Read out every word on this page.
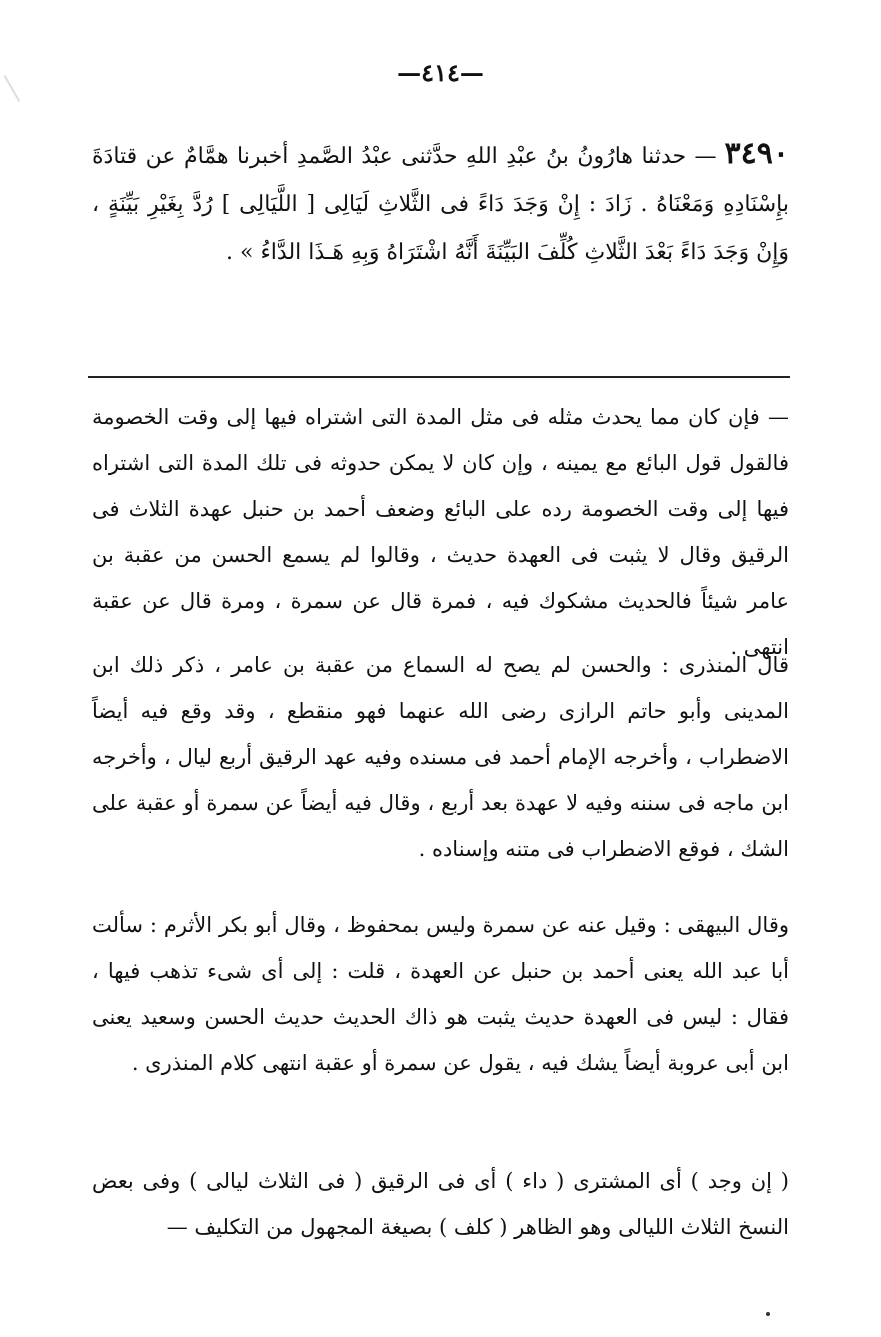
—٤١٤—

٣٤٩٠— حدثنا هارُونُ بنُ عبْدِ اللهِ حدَّثنى عبْدُ الصَّمدِ أخبرنا همَّامٌ عن قتادَةَ بإِسْنَادِهِ وَمَعْنَاهُ . زَادَ : إِنْ وَجَدَ دَاءً فى الثَّلاثِ لَيَالِى [ اللَّيَالِى ] رُدَّ بِغَيْرِ بَيِّنَةٍ ، وَإِنْ وَجَدَ دَاءً بَعْدَ الثَّلاثِ كُلِّفَ البَيِّنَةَ أَنَّهُ اشْتَرَاهُ وَبِهِ هَـذَا الدَّاءُ » .

— فإن كان مما يحدث مثله فى مثل المدة التى اشتراه فيها إلى وقت الخصومة فالقول قول البائع مع يمينه ، وإن كان لا يمكن حدوثه فى تلك المدة التى اشتراه فيها إلى وقت الخصومة رده على البائع وضعف أحمد بن حنبل عهدة الثلاث فى الرقيق وقال لا يثبت فى العهدة حديث ، وقالوا لم يسمع الحسن من عقبة بن عامر شيئاً فالحديث مشكوك فيه ، فمرة قال عن سمرة ، ومرة قال عن عقبة انتهى .

قال المنذرى : والحسن لم يصح له السماع من عقبة بن عامر ، ذكر ذلك ابن المدينى وأبو حاتم الرازى رضى الله عنهما فهو منقطع ، وقد وقع فيه أيضاً الاضطراب ، وأخرجه الإمام أحمد فى مسنده وفيه عهد الرقيق أربع ليال ، وأخرجه ابن ماجه فى سننه وفيه لا عهدة بعد أربع ، وقال فيه أيضاً عن سمرة أو عقبة على الشك ، فوقع الاضطراب فى متنه وإسناده .

وقال البيهقى : وقيل عنه عن سمرة وليس بمحفوظ ، وقال أبو بكر الأثرم : سألت أبا عبد الله يعنى أحمد بن حنبل عن العهدة ، قلت : إلى أى شىء تذهب فيها ، فقال : ليس فى العهدة حديث يثبت هو ذاك الحديث حديث الحسن وسعيد يعنى ابن أبى عروبة أيضاً يشك فيه ، يقول عن سمرة أو عقبة انتهى كلام المنذرى .

( إن وجد ) أى المشترى ( داء ) أى فى الرقيق ( فى الثلاث ليالى ) وفى بعض النسخ الثلاث الليالى وهو الظاهر ( كلف ) بصيغة المجهول من التكليف —
